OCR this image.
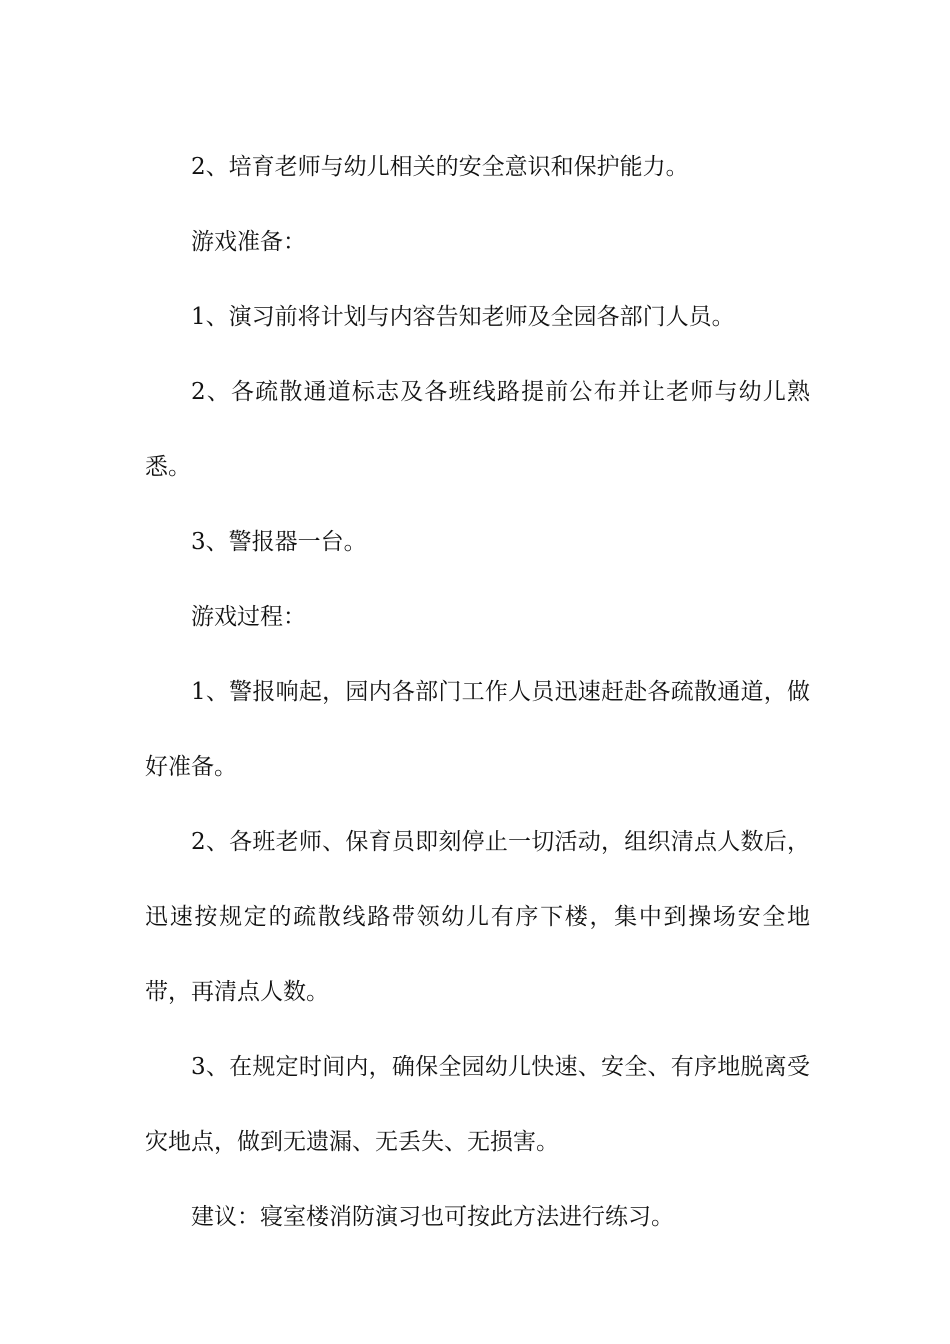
2、培育老师与幼儿相关的安全意识和保护能力。

游戏准备：

1、演习前将计划与内容告知老师及全园各部门人员。

2、各疏散通道标志及各班线路提前公布并让老师与幼儿熟悉。

3、警报器一台。

游戏过程：

1、警报响起，园内各部门工作人员迅速赶赴各疏散通道，做好准备。

2、各班老师、保育员即刻停止一切活动，组织清点人数后，迅速按规定的疏散线路带领幼儿有序下楼，集中到操场安全地带，再清点人数。

3、在规定时间内，确保全园幼儿快速、安全、有序地脱离受灾地点，做到无遗漏、无丢失、无损害。

建议：寝室楼消防演习也可按此方法进行练习。
